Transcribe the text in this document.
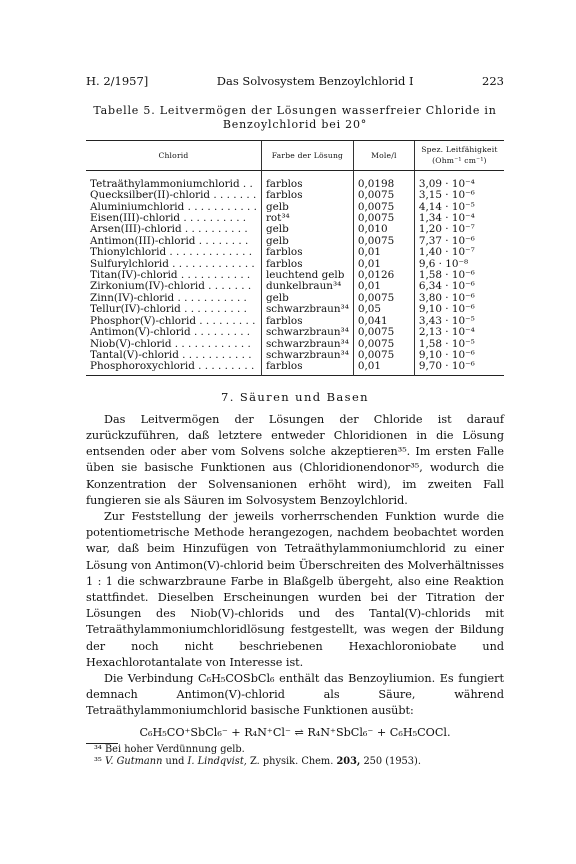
H. 2/1957]	Das Solvosystem Benzoylchlorid I	223
Tabelle 5. Leitvermögen der Lösungen wasserfreier Chloride in Benzoylchlorid bei 20°
Chlorid	Farbe der Lösung	Mole/l	Spez. Leitfähigkeit (Ohm⁻¹ cm⁻¹)
Tetraäthylammoniumchlorid . .	farblos	0,0198	3,09 · 10⁻⁴
Quecksilber(II)-chlorid . . . . . . .	farblos	0,0075	3,15 · 10⁻⁶
Aluminiumchlorid . . . . . . . . . . .	gelb	0,0075	4,14 · 10⁻⁵
Eisen(III)-chlorid . . . . . . . . . .	rot³⁴	0,0075	1,34 · 10⁻⁴
Arsen(III)-chlorid . . . . . . . . . .	gelb	0,010	1,20 · 10⁻⁷
Antimon(III)-chlorid . . . . . . . .	gelb	0,0075	7,37 · 10⁻⁶
Thionylchlorid . . . . . . . . . . . . .	farblos	0,01	1,40 · 10⁻⁷
Sulfurylchlorid . . . . . . . . . . . . .	farblos	0,01	9,6 · 10⁻⁸
Titan(IV)-chlorid . . . . . . . . . . .	leuchtend gelb	0,0126	1,58 · 10⁻⁶
Zirkonium(IV)-chlorid . . . . . . .	dunkelbraun³⁴	0,01	6,34 · 10⁻⁶
Zinn(IV)-chlorid . . . . . . . . . . .	gelb	0,0075	3,80 · 10⁻⁶
Tellur(IV)-chlorid . . . . . . . . . .	schwarzbraun³⁴	0,05	9,10 · 10⁻⁶
Phosphor(V)-chlorid . . . . . . . . .	farblos	0,041	3,43 · 10⁻⁵
Antimon(V)-chlorid . . . . . . . . .	schwarzbraun³⁴	0,0075	2,13 · 10⁻⁴
Niob(V)-chlorid . . . . . . . . . . . .	schwarzbraun³⁴	0,0075	1,58 · 10⁻⁵
Tantal(V)-chlorid . . . . . . . . . . .	schwarzbraun³⁴	0,0075	9,10 · 10⁻⁶
Phosphoroxychlorid . . . . . . . . .	farblos	0,01	9,70 · 10⁻⁶
7. Säuren und Basen

Das Leitvermögen der Lösungen der Chloride ist darauf zurückzuführen, daß letztere entweder Chloridionen in die Lösung entsenden oder aber vom Solvens solche akzeptieren³⁵. Im ersten Falle üben sie basische Funktionen aus (Chloridionendonor³⁵, wodurch die Konzentration der Solvensanionen erhöht wird), im zweiten Fall fungieren sie als Säuren im Solvosystem Benzoylchlorid.

Zur Feststellung der jeweils vorherrschenden Funktion wurde die potentiometrische Methode herangezogen, nachdem beobachtet worden war, daß beim Hinzufügen von Tetraäthylammoniumchlorid zu einer Lösung von Antimon(V)-chlorid beim Überschreiten des Molverhältnisses 1 : 1 die schwarzbraune Farbe in Blaßgelb übergeht, also eine Reaktion stattfindet. Dieselben Erscheinungen wurden bei der Titration der Lösungen des Niob(V)-chlorids und des Tantal(V)-chlorids mit Tetraäthylammoniumchloridlösung festgestellt, was wegen der Bildung der noch nicht beschriebenen Hexachloroniobate und Hexachlorotantalate von Interesse ist.

Die Verbindung C₆H₅COSbCl₆ enthält das Benzoyliumion. Es fungiert demnach Antimon(V)-chlorid als Säure, während Tetraäthylammoniumchlorid basische Funktionen ausübt:

C₆H₅CO⁺SbCl₆⁻ + R₄N⁺Cl⁻ ⇌ R₄N⁺SbCl₆⁻ + C₆H₅COCl.
³⁴ Bei hoher Verdünnung gelb.
³⁵ V. Gutmann und I. Lindqvist, Z. physik. Chem. 203, 250 (1953).
